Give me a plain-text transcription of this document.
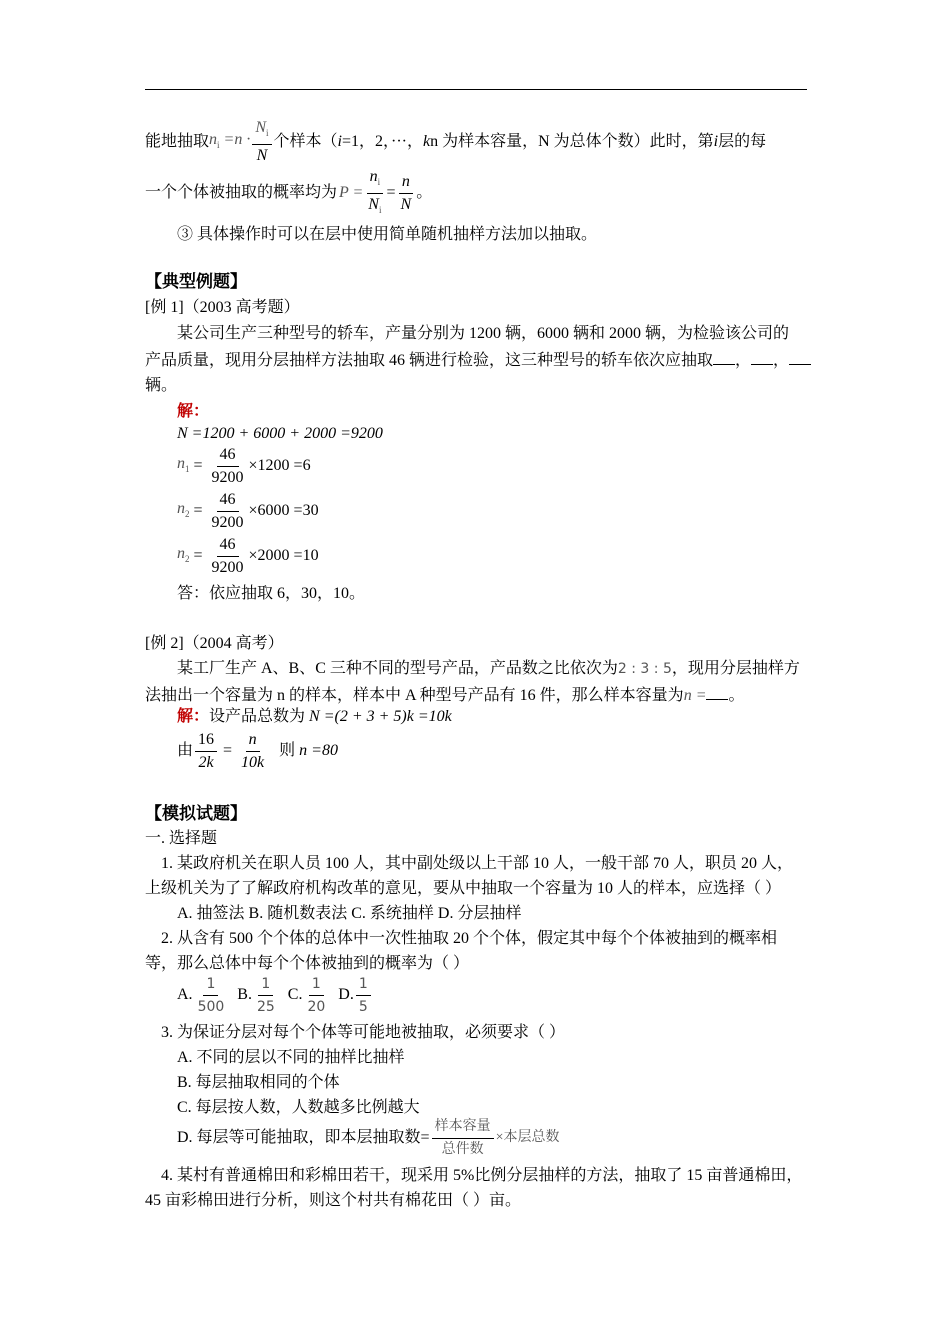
能地抽取 $n_i =n \cdot \frac{N_i}{N}$ 个样本（ i =1，2，···， k n 为样本容量，N 为总体个数）此时，第 i 层的每
一个个体被抽取的概率均为 $P = \frac{n_i}{N_i} = \frac{n}{N}$ 。
③ 具体操作时可以在层中使用简单随机抽样方法加以抽取。
【典型例题】
[例 1]（2003 高考题）
某公司生产三种型号的轿车，产量分别为 1200 辆，6000 辆和 2000 辆，为检验该公司的
产品质量，现用分层抽样方法抽取 46 辆进行检验，这三种型号的轿车依次应抽取 ， ，
辆。
解：
N =1200 + 6000 + 2000 =9200
$n_1 = \frac{46}{9200} \times 1200 =6$
$n_2 = \frac{46}{9200} \times 6000 =30$
$n_2 = \frac{46}{9200} \times 2000 =10$
答：依应抽取 6，30，10。
[例 2]（2004 高考）
某工厂生产 A、B、C 三种不同的型号产品，产品数之比依次为2 : 3 : 5，现用分层抽样方
法抽出一个容量为 n 的样本，样本中 A 种型号产品有 16 件，那么样本容量为n = 。
解：设产品总数为 N =(2 + 3 + 5)k =10k
由 $\frac{16}{2k} = \frac{n}{10k}$ 则 n =80
【模拟试题】
一. 选择题
1. 某政府机关在职人员 100 人，其中副处级以上干部 10 人，一般干部 70 人，职员 20 人，
上级机关为了了解政府机构改革的意见，要从中抽取一个容量为 10 人的样本，应选择（ ）
A. 抽签法 B. 随机数表法 C. 系统抽样 D. 分层抽样
2. 从含有 500 个个体的总体中一次性抽取 20 个个体，假定其中每个个体被抽到的概率相
等，那么总体中每个个体被抽到的概率为（ ）
A. $\frac{1}{500} B$. $\frac{1}{25} C$. $\frac{1}{20} D$. $\frac{1}{5}$
3. 为保证分层对每个个体等可能地被抽取，必须要求（ ）
A. 不同的层以不同的抽样比抽样
B. 每层抽取相同的个体
C. 每层按人数，人数越多比例越大
D. 每层等可能抽取，即本层抽取数= $\frac{\text{样本容量}}{\text{总件数}}$ ×本层总数
4. 某村有普通棉田和彩棉田若干，现采用 5%比例分层抽样的方法，抽取了 15 亩普通棉田，
45 亩彩棉田进行分析，则这个村共有棉花田（ ）亩。
